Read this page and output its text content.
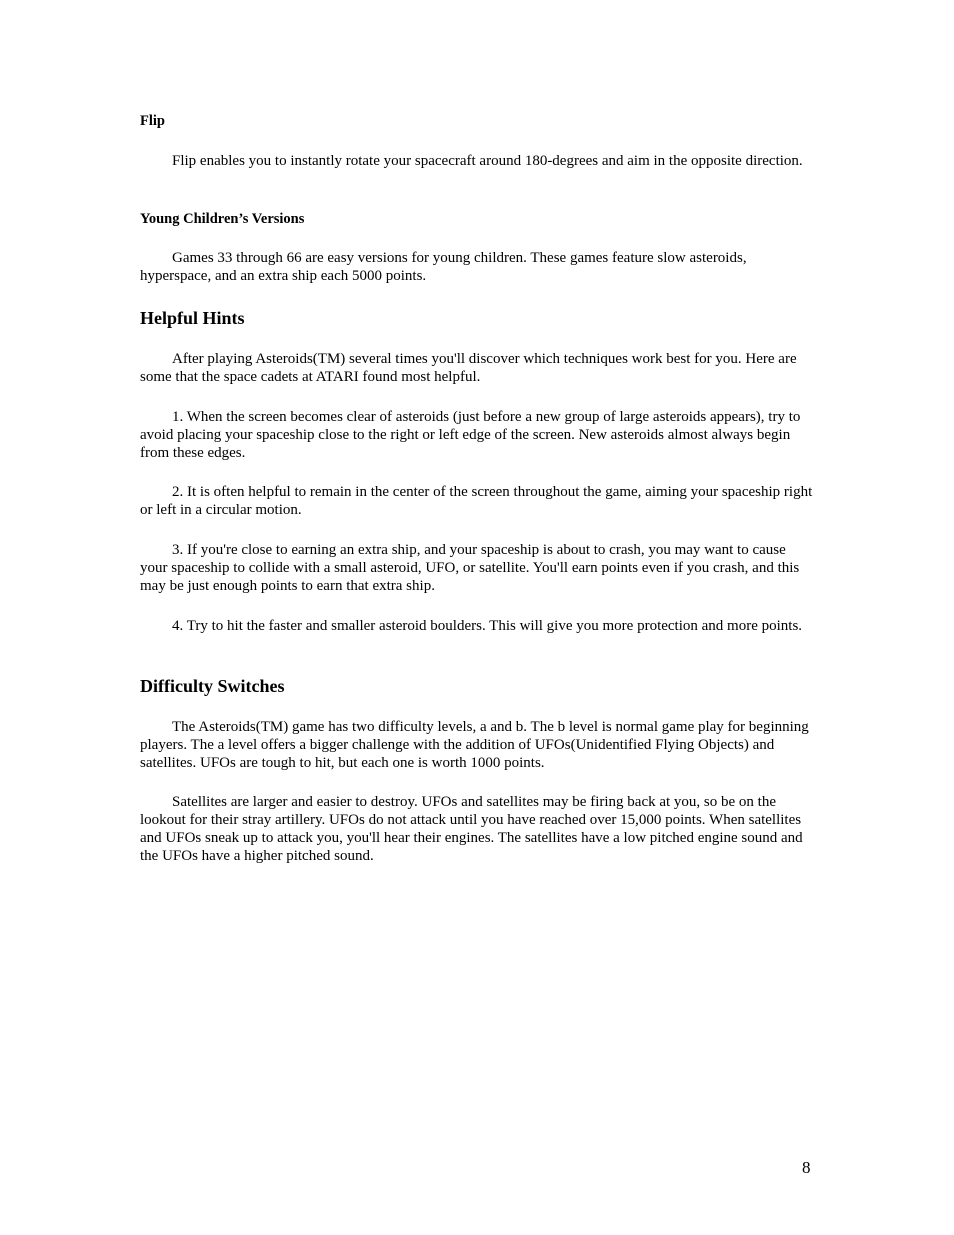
Flip

Flip enables you to instantly rotate your spacecraft around 180-degrees and aim in the opposite direction.

Young Children’s Versions

Games 33 through 66 are easy versions for young children. These games feature slow asteroids, hyperspace, and an extra ship each 5000 points.

Helpful Hints

After playing Asteroids(TM) several times you'll discover which techniques work best for you. Here are some that the space cadets at ATARI found most helpful.

1. When the screen becomes clear of asteroids (just before a new group of large asteroids appears), try to avoid placing your spaceship close to the right or left edge of the screen. New asteroids almost always begin from these edges.

2. It is often helpful to remain in the center of the screen throughout the game, aiming your spaceship right or left in a circular motion.

3. If you're close to earning an extra ship, and your spaceship is about to crash, you may want to cause your spaceship to collide with a small asteroid, UFO, or satellite. You'll earn points even if you crash, and this may be just enough points to earn that extra ship.

4. Try to hit the faster and smaller asteroid boulders. This will give you more protection and more points.

Difficulty Switches

The Asteroids(TM) game has two difficulty levels, a and b. The b level is normal game play for beginning players. The a level offers a bigger challenge with the addition of UFOs(Unidentified Flying Objects) and satellites. UFOs are tough to hit, but each one is worth 1000 points.

Satellites are larger and easier to destroy. UFOs and satellites may be firing back at you, so be on the lookout for their stray artillery. UFOs do not attack until you have reached over 15,000 points. When satellites and UFOs sneak up to attack you, you'll hear their engines. The satellites have a low pitched engine sound and the UFOs have a higher pitched sound.

8
